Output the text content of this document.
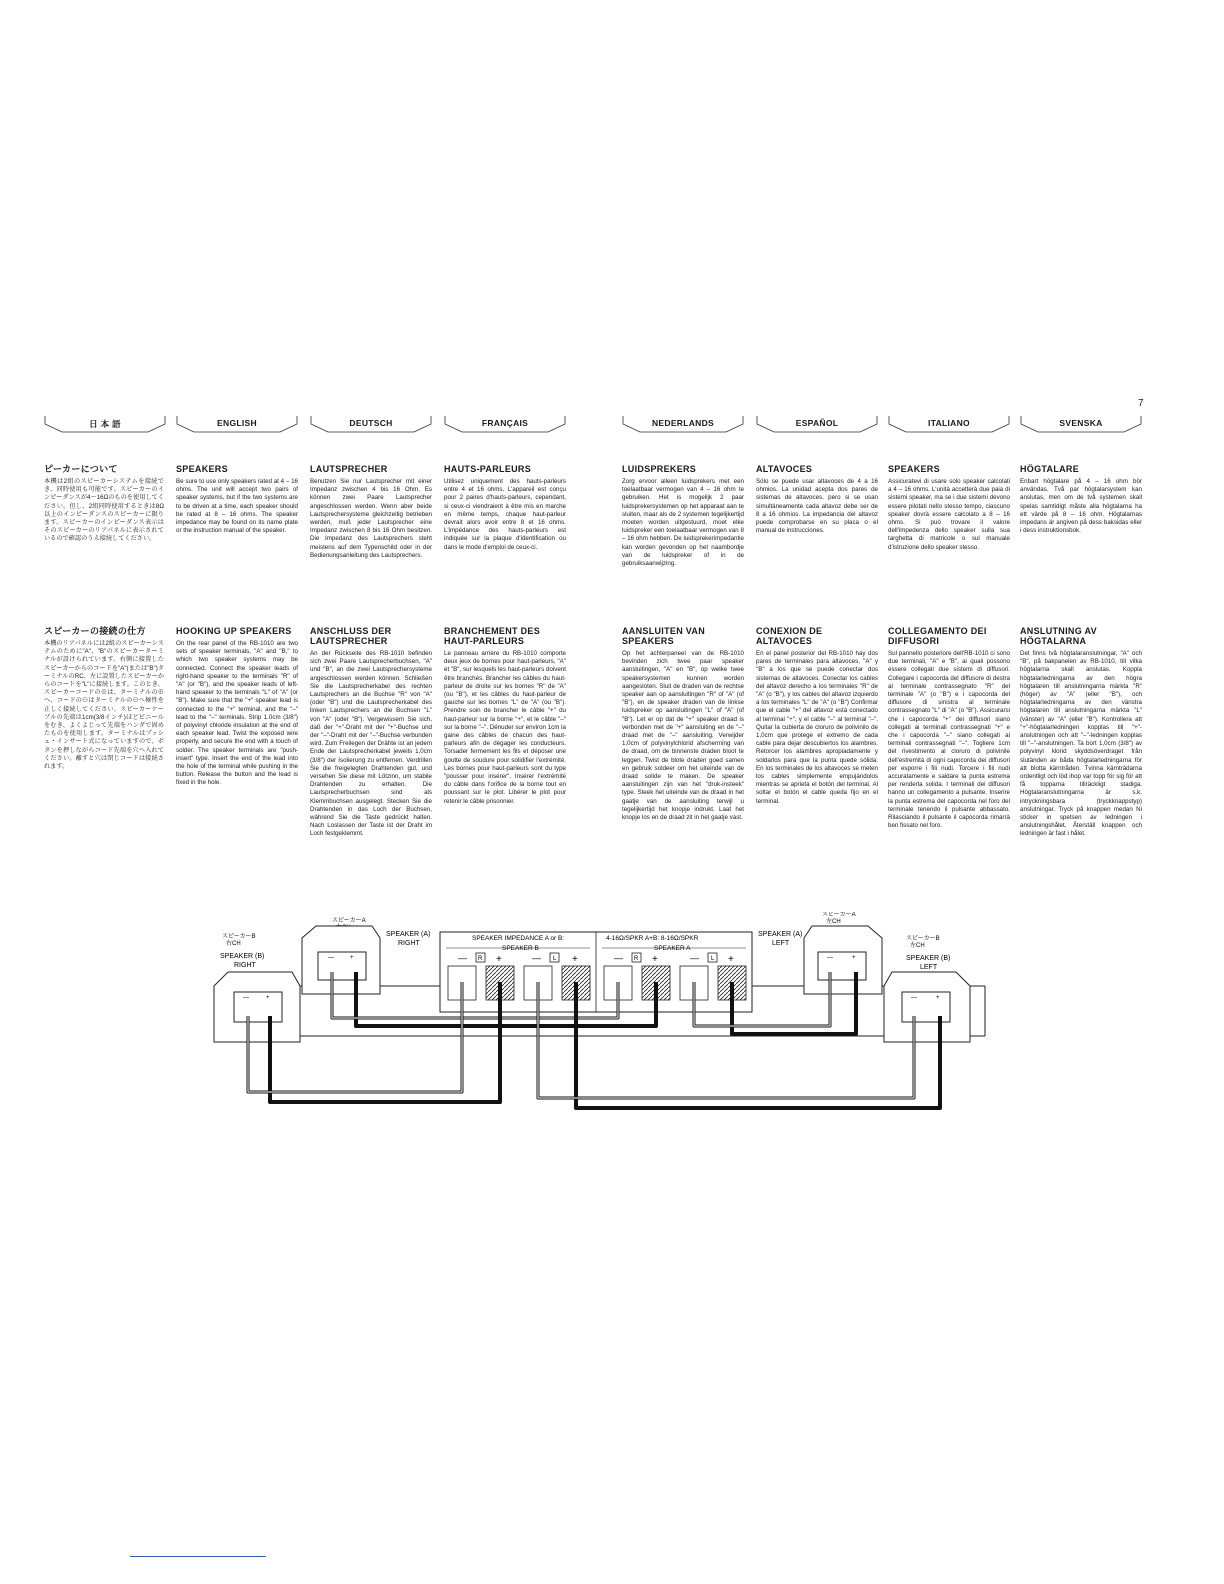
7
日 本 語	ENGLISH	DEUTSCH	FRANÇAIS	NEDERLANDS	ESPAÑOL	ITALIANO	SVENSKA
ピーカーについて

本機は2組のスピーカーシステムを接続でき、同時使用も可能です。スピーカーのインピーダンスが4〜16Ωのものを使用してください。但し、2組同時使用するときは8Ω以上のインピーダンスのスピーカーに限ります。スピーカーのインピーダンス表示はそのスピーカーのリアパネルに表示されているので確認のうえ接続してください。

SPEAKERS

Be sure to use only speakers rated at 4 – 16 ohms. The unit will accept two pairs of speaker systems, but if the two systems are to be driven at a time, each speaker should be rated at 8 – 16 ohms. The speaker impedance may be found on its name plate or the instruction manual of the speaker.

LAUTSPRECHER

Benutzen Sie nur Lautsprecher mit einer Impedanz zwischen 4 bis 16 Ohm. Es können zwei Paare Lautsprecher angeschlossen werden. Wenn aber beide Lautsprechersysteme gleichzeitig betrieben werden, muß jeder Lautsprecher eine Impedanz zwischen 8 bis 16 Ohm besitzen. Die Impedanz des Lautsprechers steht meistens auf dem Typenschild oder in der Bedienungsanleitung des Lautsprechers.

HAUTS-PARLEURS

Utilisez uniquement des hauts-parleurs entre 4 et 16 ohms. L'appareil est conçu pour 2 paires d'hauts-parleurs, cependant, si ceux-ci viendraient à être mis en marche en même temps, chaque haut-parleur devrait alors avoir entre 8 et 16 ohms. L'impédance des hauts-parleurs est indiquée sur la plaque d'identification ou dans le mode d'emploi de ceux-ci.

LUIDSPREKERS

Zorg ervoor alleen luidsprekers met een toelaatbaar vermogen van 4 – 16 ohm te gebruiken. Het is mogelijk 2 paar luidsprekersystemen op het apparaat aan te sluiten, maar als de 2 systemen tegelijkertijd moeten worden uitgestuurd, moet elke luidspreker een toelaatbaar vermogen van 8 – 16 ohm hebben. De luidsprekerimpedantie kan worden gevonden op het naambordje van de luidspreker of in de gebruiksaanwijzing.

ALTAVOCES

Sólo se puede usar altavoces de 4 a 16 ohmios. La unidad acepta dos pares de sistemas de altavoces, pero si se usan simultáneamente cada altavoz debe ser de 8 a 16 ohmios. La impedancia del altavoz puede comprobarse en su placa o el manual de instrucciones.

SPEAKERS

Assicuratevi di usare solo speaker calcolati a 4 – 16 ohms. L'unità accetterà due paia di sistemi speaker, ma se i due sistemi devono essere pilotati nello stesso tempo, ciascuno speaker dovrà essere calcolato a 8 – 16 ohms. Si può trovare il valore dell'impedenza dello speaker sulla sua targhetta di matricole o sul manuale d'istruzione dello speaker stesso.

HÖGTALARE

Enbart högtalare på 4 – 16 ohm bör användas. Två par högtalarsystem kan anslutas, men om de två systemen skall spelas samtidigt måste alla högtalarna ha ett värde på 8 – 16 ohm. Högtalarnas impedans är angiven på dess baksidas eller i dess instruktionsbok.

スピーカーの接続の仕方

本機のリアパネルには2組のスピーカーシステムのために"A"、"B"のスピーカーターミナルが設けられています。右側に接置したスピーカーからのコードを"A"(または"B")ターミナルのRC、左に設置したスピーカーからのコードを"L"に接続します。このとき、スピーカーコードの⊕は、ターミナルの⊕へ、コードの⊖はターミナルの⊖へ極性を正しく接続してください。スピーカーケーブルの先端は1cm(3/8インチ)ほどビニールをむき、よくよじって先端をハンダで固めたものを使用します。ターミナルはプッシュ・インサート式になっていますので、ボタンを押しながらコード先端を穴へ入れてください。離すと穴は閉じコードは接続されます。

HOOKING UP SPEAKERS

On the rear panel of the RB-1010 are two sets of speaker terminals, "A" and "B," to which two speaker systems may be connected. Connect the speaker leads of right-hand speaker to the terminals "R" of "A" (or "B"), and the speaker leads of left-hand speaker to the terminals "L" of "A" (or "B"). Make sure that the "+" speaker lead is connected to the "+" terminal, and the "–" lead to the "–" terminals. Strip 1.0cm (3/8") of polyvinyl chloride insulation at the end of each speaker lead. Twist the exposed wire properly, and secure the end with a touch of solder. The speaker terminals are "push-insert" type. Insert the end of the lead into the hole of the terminal while pushing in the button. Release the button and the lead is fixed in the hole.

ANSCHLUSS DER LAUTSPRECHER

An der Rückseite des RB-1010 befinden sich zwei Paare Lautsprecherbuchsen, "A" und "B", an die zwei Lautsprechersysteme angeschlossen werden können. Schließen Sie die Lautsprecherkabel des rechten Lautsprechers an die Buchse "R" von "A" (oder "B") und die Lautsprecherkabel des linken Lautsprechers an die Buchsen "L" von "A" (oder "B"). Vergewissern Sie sich, daß der "+"-Draht mit der "+"-Buchse und der "–"-Draht mit der "–"-Buchse verbunden wird. Zum Freilegen der Drähte ist an jedem Ende der Lautsprecherkabel jeweils 1,0cm (3/8") der Isolierung zu entfernen. Verdrillen Sie die freigelegten Drahtenden gut, und versehen Sie diese mit Lötzinn, um stabile Drahtenden zu erhalten. Die Lautsprecherbuchsen sind als Klemmbuchsen ausgelegt. Stecken Sie die Drahtenden in das Loch der Buchsen, während Sie die Taste gedrückt halten. Nach Loslassen der Taste ist der Draht im Loch festgeklemmt.

BRANCHEMENT DES HAUT-PARLEURS

Le panneau arrière du RB-1010 comporte deux jeux de bornes pour haut-parleurs, "A" et "B", sur lesquels les haut-parleurs doivent être branchés. Brancher les câbles du haut-parleur de droite sur les bornes "R" de "A" (ou "B"), et les câbles du haut-parleur de gauche sur les bornes "L" de "A" (ou "B"). Prendre soin de brancher le câble "+" du haut-parleur sur la borne "+", et le câble "–" sur la borne "–". Dénuder sur environ 1cm la gaine des câbles de chacun des haut-parleurs afin de dégager les conducteurs. Torsader fermement les fils et déposer une goutte de soudure pour solidifier l'extrémité. Les bornes pour haut-parleurs sont du type "pousser pour insérer". Insérer l'extrémité du câble dans l'orifice de la borne tout en poussant sur le plot. Libérer le plot pour retenir le câble prisonnier.

AANSLUITEN VAN SPEAKERS

Op het achterpaneel van de RB-1010 bevinden zich twee paar speaker aansluitingen, "A" en "B", op welke twee speakersystemen kunnen worden aangesloten. Sluit de draden van de rechtse speaker aan op aansluitingen "R" of "A" (of "B"), en de speaker draden van de linkse luidspreker op aansluitingen "L" of "A" (of "B"). Let er op dat de "+" speaker draad is verbonden met de "+" aansluiting en de "–" draad met de "–" aansluiting. Verwijder 1,0cm of polyvinylchlorid afscherming van de draad, om de binnenste draden bloot te leggen. Twist de blote draden goed samen en gebruik soldeer om het uiteinde van de draad solide te maken. De speaker aansluitingen zijn van het "druk-insteek" type. Steek het uiteinde van de draad in het gaatje van de aansluiting terwijl u tegelijkertijd het knopje indrukt. Laat het knopje los en de draad zit in het gaatje vast.

CONEXION DE ALTAVOCES

En el panel posterior del RB-1010 hay dos pares de terminales para altavoces, "A" y "B" a los que se puede conectar dos sistemas de altavoces. Conectar los cables del altavoz derecho a los terminales "R" de "A" (o "B"), y los cables del altavoz izquierdo a los terminales "L" de "A" (o "B") Confirmar que el cable "+" del altavoz está conectado al terminal "+", y el cable "–" al terminal "–". Quitar la cubierta de cloruro de polivinilo de 1,0cm que protege el extremo de cada cable para dejar descubiertos los alambres. Retorcer los alambres apropiadamente y soldarlos para que la punta quede sólida. En los terminales de los altavoces se meten los cables simplemente empujándolos mientras se aprieta el botón del terminal. Al soltar el botón el cable queda fijo en el terminal.

COLLEGAMENTO DEI DIFFUSORI

Sul pannello posteriore dell'RB-1010 ci sono due terminali, "A" e "B", ai quali possono essere collegati due sistemi di diffusori. Collegare i capocorda del diffusore di destra al terminale contrassegnato "R" del terminale "A" (o "B") e i capocorda del diffusore di sinistra al terminale contrassegnato "L" di "A" (o "B"). Assicurarsi che i capocorda "+" dei diffusori siano collegati ai terminali contrassegnati "+" e che i capocorda "–" siano collegati ai terminali contrassegnati "–". Togliere 1cm del rivestimento al cloruro di polivinile dell'estremità di ogni capocorda dei diffusori per esporre i fili nudi. Torcere i fili nudi accuratamente e saldare la punta estrema per renderla solida. I terminali dei diffusori hanno un collegamento a pulsante. Inserire la punta estrema del capocorda nel foro del terminale tenendo il pulsante abbassato. Rilasciando il pulsante il capocorda rimarrà ben fissato nel foro.

ANSLUTNING AV HÖGTALARNA

Det finns två högtalaranslutningar, "A" och "B", på bakpanelen av RB-1010, till vilka högtalarna skall anslutas. Koppla högtalarledningarna av den högra högtalaren till anslutningarna märkta "R" (höger) av "A" (eller "B"), och högtalarledningarna av den vänstra högtalaren till anslutningarna märkta "L" (vänster) av "A" (eller "B"). Kontrollera att "+"-högtalarledningen kopplas till "+"-anslutningen och att "–"-ledningen kopplas till "–"-anslutningen. Ta bort 1,0cm (3/8") av polyvinyl klorid skyddsöverdraget från slutänden av båda högtalarledningarna för att blotta kärntråden. Tvinna kärnträdarna ordentligt och löd ihop var topp för sig för att få topparna tillräckligt stadiga. Högtalaranslutningarna är s.k. intryckningsbara (tryckknappstyp) anslutningar. Tryck på knappen medan Ni sticker in spetsen av ledningen i anslutningshålet. Återställ knappen och ledningen är fast i hålet.

スピーカーB
右CH
SPEAKER (B)
RIGHT
—	+
スピーカーA
SPEAKER (A)
RIGHT
—	+
SPEAKER IMPEDANCE A or B:	4-16Ω/SPKR A+B: 8-16Ω/SPKR
SPEAKER B	SPEAKER A
— R +	— L +	— R +	— L +
スピーカーA
左CH
SPEAKER (A)
LEFT
—	+
スピーカーB
左CH
SPEAKER (B)
LEFT
—	+
